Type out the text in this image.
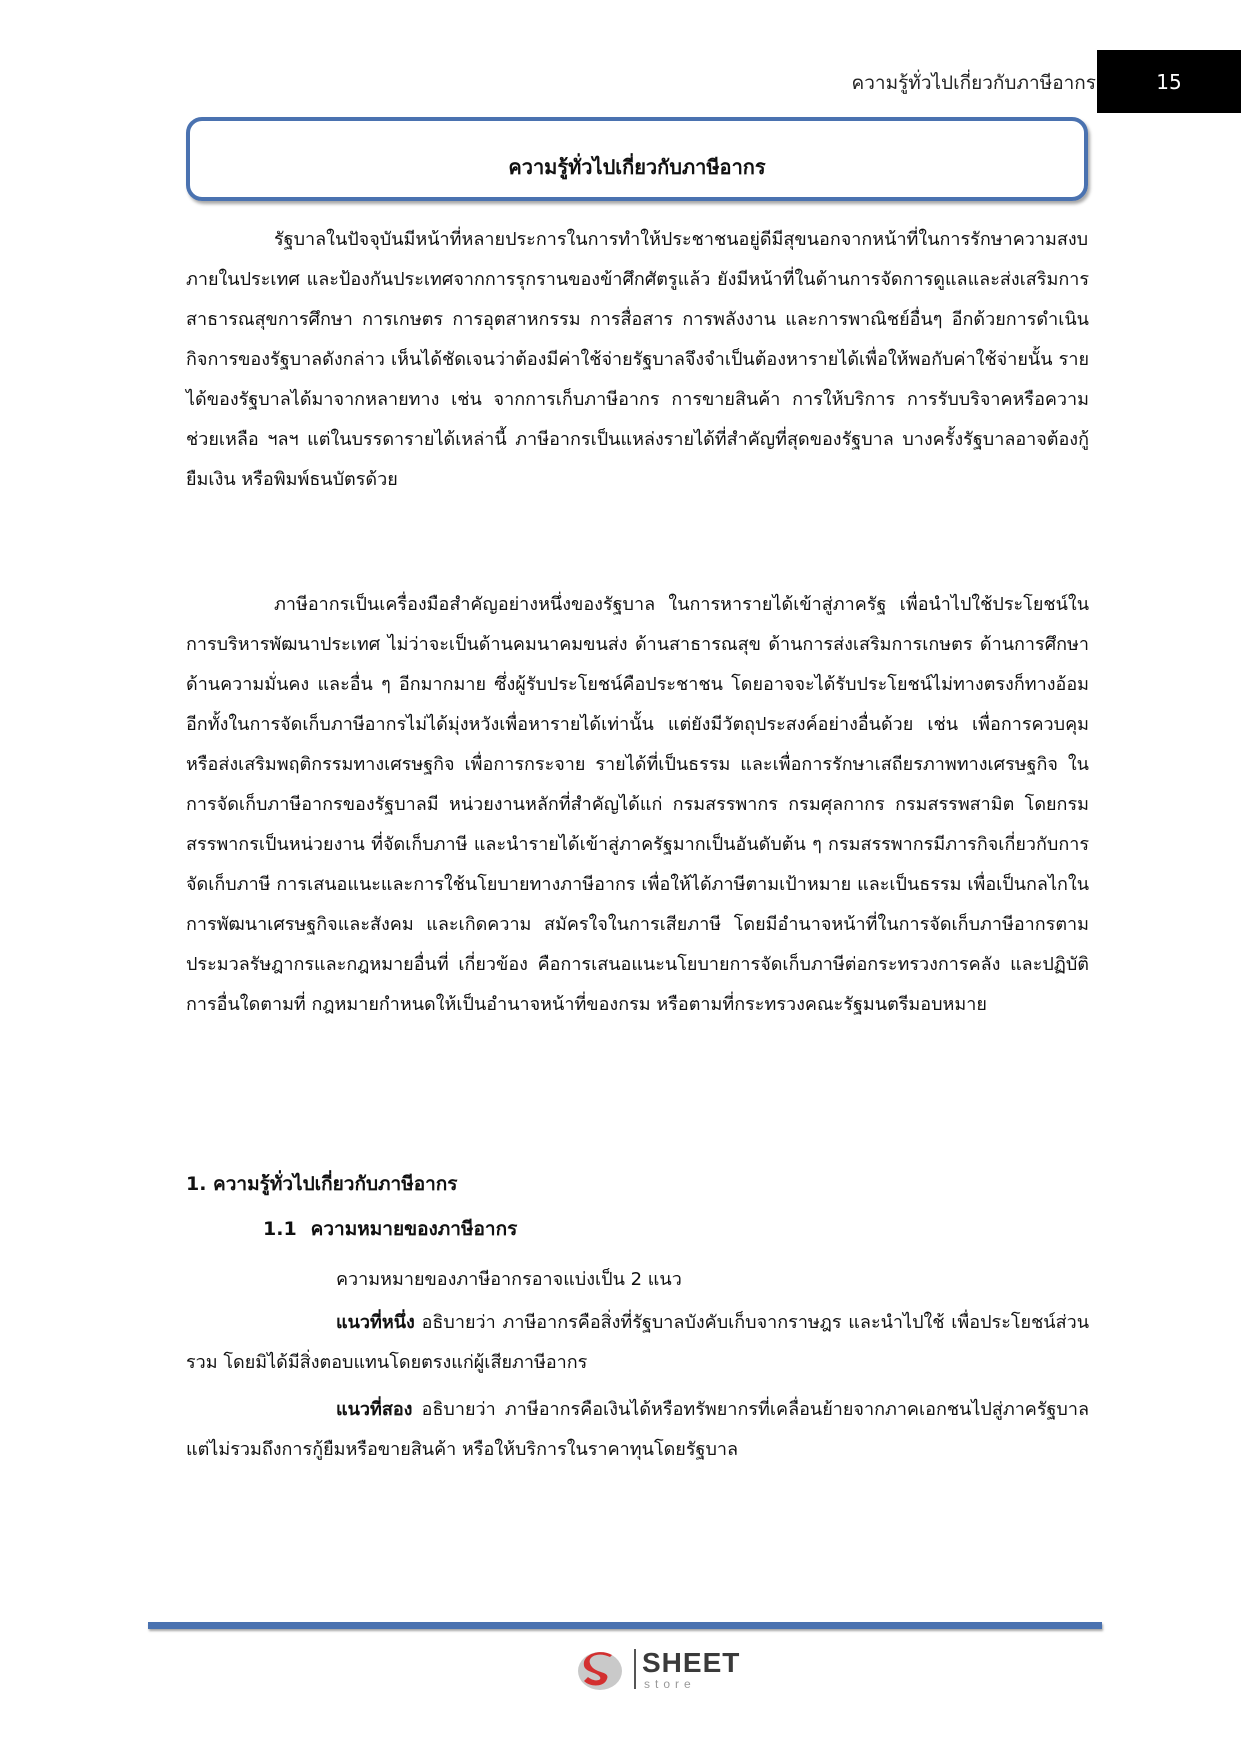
ความรู้ทั่วไปเกี่ยวกับภาษีอากร	15
ความรู้ทั่วไปเกี่ยวกับภาษีอากร

รัฐบาลในปัจจุบันมีหน้าที่หลายประการในการทำให้ประชาชนอยู่ดีมีสุขนอกจากหน้าที่ในการรักษาความสงบภายในประเทศ และป้องกันประเทศจากการรุกรานของข้าศึกศัตรูแล้ว ยังมีหน้าที่ในด้านการจัดการดูแลและส่งเสริมการสาธารณสุขการศึกษา การเกษตร การอุตสาหกรรม การสื่อสาร การพลังงาน และการพาณิชย์อื่นๆ อีกด้วยการดำเนินกิจการของรัฐบาลดังกล่าว เห็นได้ชัดเจนว่าต้องมีค่าใช้จ่ายรัฐบาลจึงจำเป็นต้องหารายได้เพื่อให้พอกับค่าใช้จ่ายนั้น รายได้ของรัฐบาลได้มาจากหลายทาง เช่น จากการเก็บภาษีอากร การขายสินค้า การให้บริการ การรับบริจาคหรือความช่วยเหลือ ฯลฯ แต่ในบรรดารายได้เหล่านี้ ภาษีอากรเป็นแหล่งรายได้ที่สำคัญที่สุดของรัฐบาล บางครั้งรัฐบาลอาจต้องกู้ยืมเงิน หรือพิมพ์ธนบัตรด้วย

ภาษีอากรเป็นเครื่องมือสำคัญอย่างหนึ่งของรัฐบาล ในการหารายได้เข้าสู่ภาครัฐ เพื่อนำไปใช้ประโยชน์ในการบริหารพัฒนาประเทศ ไม่ว่าจะเป็นด้านคมนาคมขนส่ง ด้านสาธารณสุข ด้านการส่งเสริมการเกษตร ด้านการศึกษา ด้านความมั่นคง และอื่น ๆ อีกมากมาย ซึ่งผู้รับประโยชน์คือประชาชน โดยอาจจะได้รับประโยชน์ไม่ทางตรงก็ทางอ้อม อีกทั้งในการจัดเก็บภาษีอากรไม่ได้มุ่งหวังเพื่อหารายได้เท่านั้น แต่ยังมีวัตถุประสงค์อย่างอื่นด้วย เช่น เพื่อการควบคุมหรือส่งเสริมพฤติกรรมทางเศรษฐกิจ เพื่อการกระจาย รายได้ที่เป็นธรรม และเพื่อการรักษาเสถียรภาพทางเศรษฐกิจ ในการจัดเก็บภาษีอากรของรัฐบาลมี หน่วยงานหลักที่สำคัญได้แก่ กรมสรรพากร กรมศุลกากร กรมสรรพสามิต โดยกรมสรรพากรเป็นหน่วยงาน ที่จัดเก็บภาษี และนำรายได้เข้าสู่ภาครัฐมากเป็นอันดับต้น ๆ กรมสรรพากรมีภารกิจเกี่ยวกับการจัดเก็บภาษี การเสนอแนะและการใช้นโยบายทางภาษีอากร เพื่อให้ได้ภาษีตามเป้าหมาย และเป็นธรรม เพื่อเป็นกลไกในการพัฒนาเศรษฐกิจและสังคม และเกิดความ สมัครใจในการเสียภาษี โดยมีอำนาจหน้าที่ในการจัดเก็บภาษีอากรตามประมวลรัษฎากรและกฎหมายอื่นที่ เกี่ยวข้อง คือการเสนอแนะนโยบายการจัดเก็บภาษีต่อกระทรวงการคลัง และปฏิบัติการอื่นใดตามที่ กฎหมายกำหนดให้เป็นอำนาจหน้าที่ของกรม หรือตามที่กระทรวงคณะรัฐมนตรีมอบหมาย

1. ความรู้ทั่วไปเกี่ยวกับภาษีอากร
1.1 ความหมายของภาษีอากร
ความหมายของภาษีอากรอาจแบ่งเป็น 2 แนว

แนวที่หนึ่ง อธิบายว่า ภาษีอากรคือสิ่งที่รัฐบาลบังคับเก็บจากราษฎร และนำไปใช้ เพื่อประโยชน์ส่วนรวม โดยมิได้มีสิ่งตอบแทนโดยตรงแก่ผู้เสียภาษีอากร

แนวที่สอง อธิบายว่า ภาษีอากรคือเงินได้หรือทรัพยากรที่เคลื่อนย้ายจากภาคเอกชนไปสู่ภาครัฐบาล แต่ไม่รวมถึงการกู้ยืมหรือขายสินค้า หรือให้บริการในราคาทุนโดยรัฐบาล

SHEET
store
